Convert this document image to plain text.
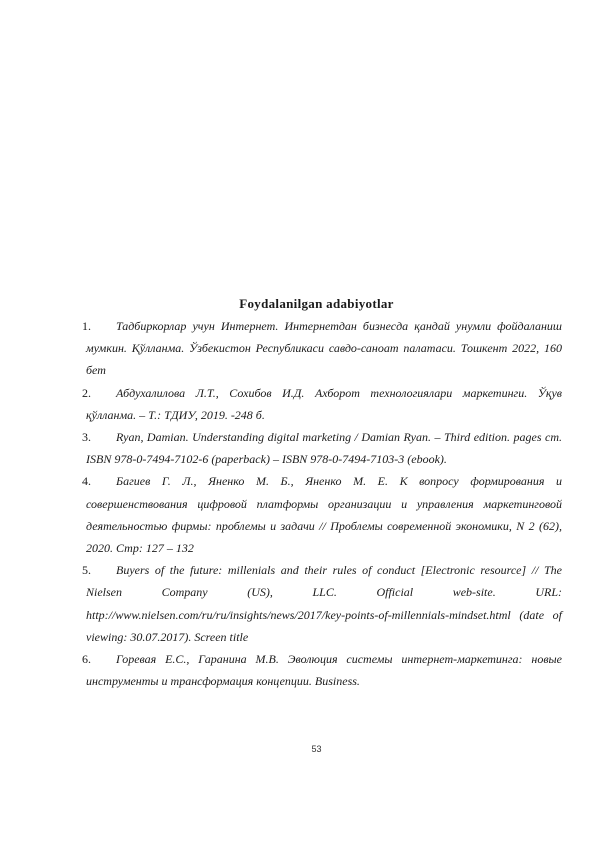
Foydalanilgan adabiyotlar
1.	Тадбиркорлар учун Интернет. Интернетдан бизнесда қандай унумли фойдаланиш мумкин. Қўлланма. Ўзбекистон Республикаси савдо-саноат палатаси. Тошкент 2022, 160 бет
2.	Абдухалилова Л.Т., Сохибов И.Д. Ахборот технологиялари маркетинги. Ўқув қўлланма. – Т.: ТДИУ, 2019. -248 б.
3.	Ryan, Damian. Understanding digital marketing / Damian Ryan. – Third edition. pages cm. ISBN 978-0-7494-7102-6 (paperback) – ISBN 978-0-7494-7103-3 (ebook).
4.	Багиев Г. Л., Яненко М. Б., Яненко М. Е. К вопросу формирования и совершенствования цифровой платформы организации и управления маркетинговой деятельностью фирмы: проблемы и задачи // Проблемы современной экономики, N 2 (62), 2020. Стр: 127 – 132
5.	Buyers of the future: millenials and their rules of conduct [Electronic resource] // The Nielsen Company (US), LLC. Official web-site. URL: http://www.nielsen.com/ru/ru/insights/news/2017/key-points-of-millennials-mindset.html (date of viewing: 30.07.2017). Screen title
6.	Горевая Е.С., Гаранина М.В. Эволюция системы интернет-маркетинга: новые инструменты и трансформация концепции. Business.
53
